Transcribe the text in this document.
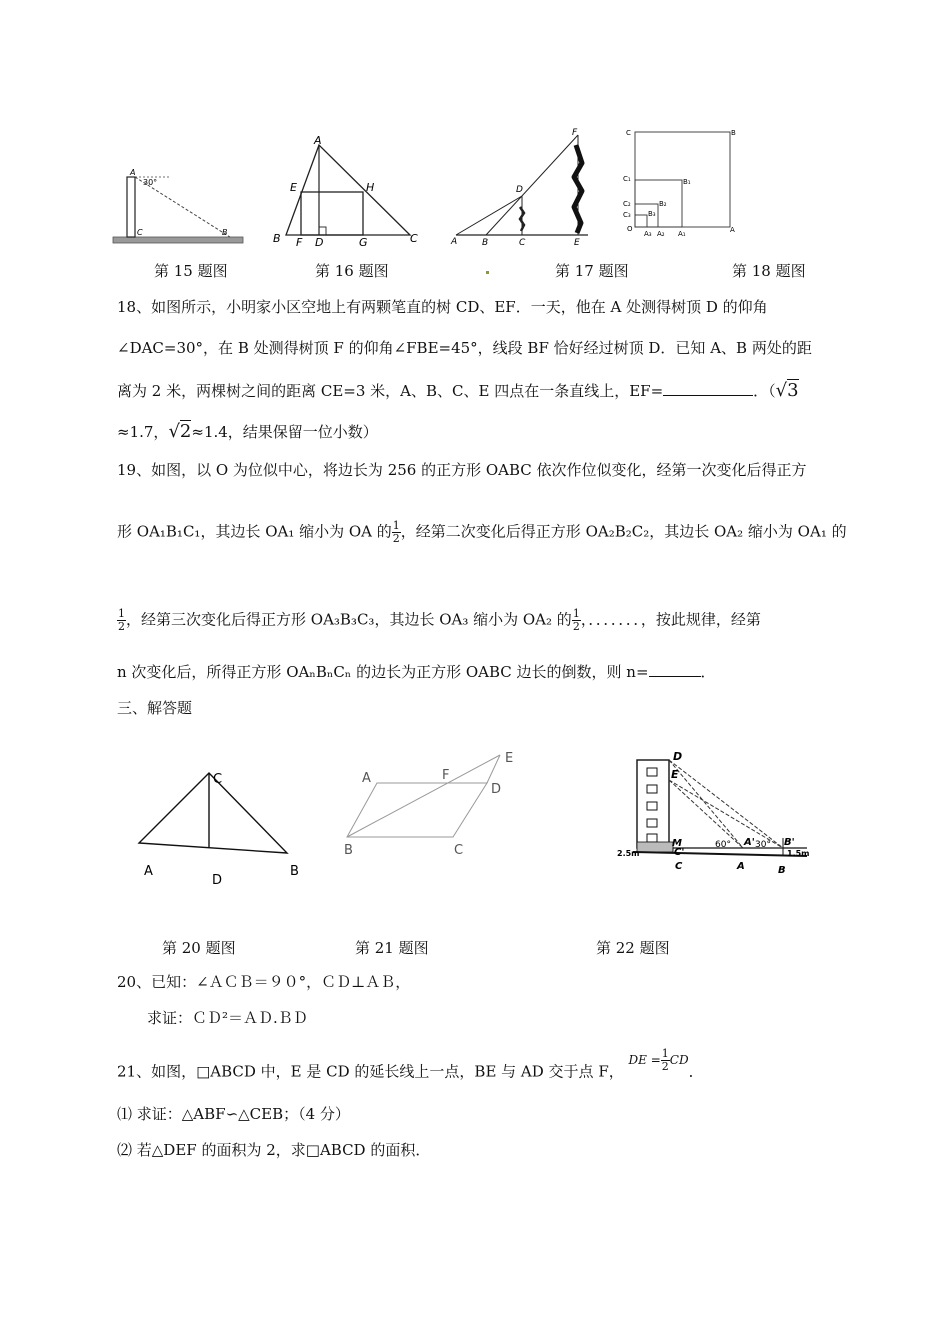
A
30°
C	B
第 15 题图
A
E	H
B F D	G	C
第 16 题图
F
D
A	B	C	E
第 17 题图
C	B
C₁	B₁
C₂	B₂
C₃ B₃
O
A₃ A₂ A₁	A
第 18 题图
18、如图所示，小明家小区空地上有两颗笔直的树 CD、EF．一天，他在 A 处测得树顶 D 的仰角
∠DAC=30°，在 B 处测得树顶 F 的仰角∠FBE=45°，线段 BF 恰好经过树顶 D．已知 A、B 两处的距
离为 2 米，两棵树之间的距离 CE=3 米，A、B、C、E 四点在一条直线上，EF=	．（√3
≈1.7，√2≈1.4，结果保留一位小数）
19、如图，以 O 为位似中心，将边长为 256 的正方形 OABC 依次作位似变化，经第一次变化后得正方
形 OA₁B₁C₁，其边长 OA₁ 缩小为 OA 的 $\frac{1}{2}$ ，经第二次变化后得正方形 OA₂B₂C₂，其边长 OA₂ 缩小为 OA₁ 的
$\frac{1}{2}$ ，经第三次变化后得正方形 OA₃B₃C₃，其边长 OA₃ 缩小为 OA₂ 的 $\frac{1}{2}$ ，．．．．．．．，按此规律，经第
n 次变化后，所得正方形 OAₙBₙCₙ 的边长为正方形 OABC 边长的倒数，则 n=	．
三、解答题
C
A
D
B
第 20 题图
A	F
E
D
B	C
第 21 题图
D
E
M
C'
A'	B'
C	A	B
60°	30°
2.5m	1.5m
第 22 题图
20、已知：∠ＡＣＢ＝９０°，ＣＤ⊥ＡＢ，
求证：ＣＤ²＝ＡＤ.ＢＤ
21、如图，□ABCD 中，E 是 CD 的延长线上一点，BE 与 AD 交于点 F， DE = $\frac{1}{2}$ CD．
⑴ 求证：△ABF∽△CEB；（4 分）
⑵ 若△DEF 的面积为 2，求□ABCD 的面积．
